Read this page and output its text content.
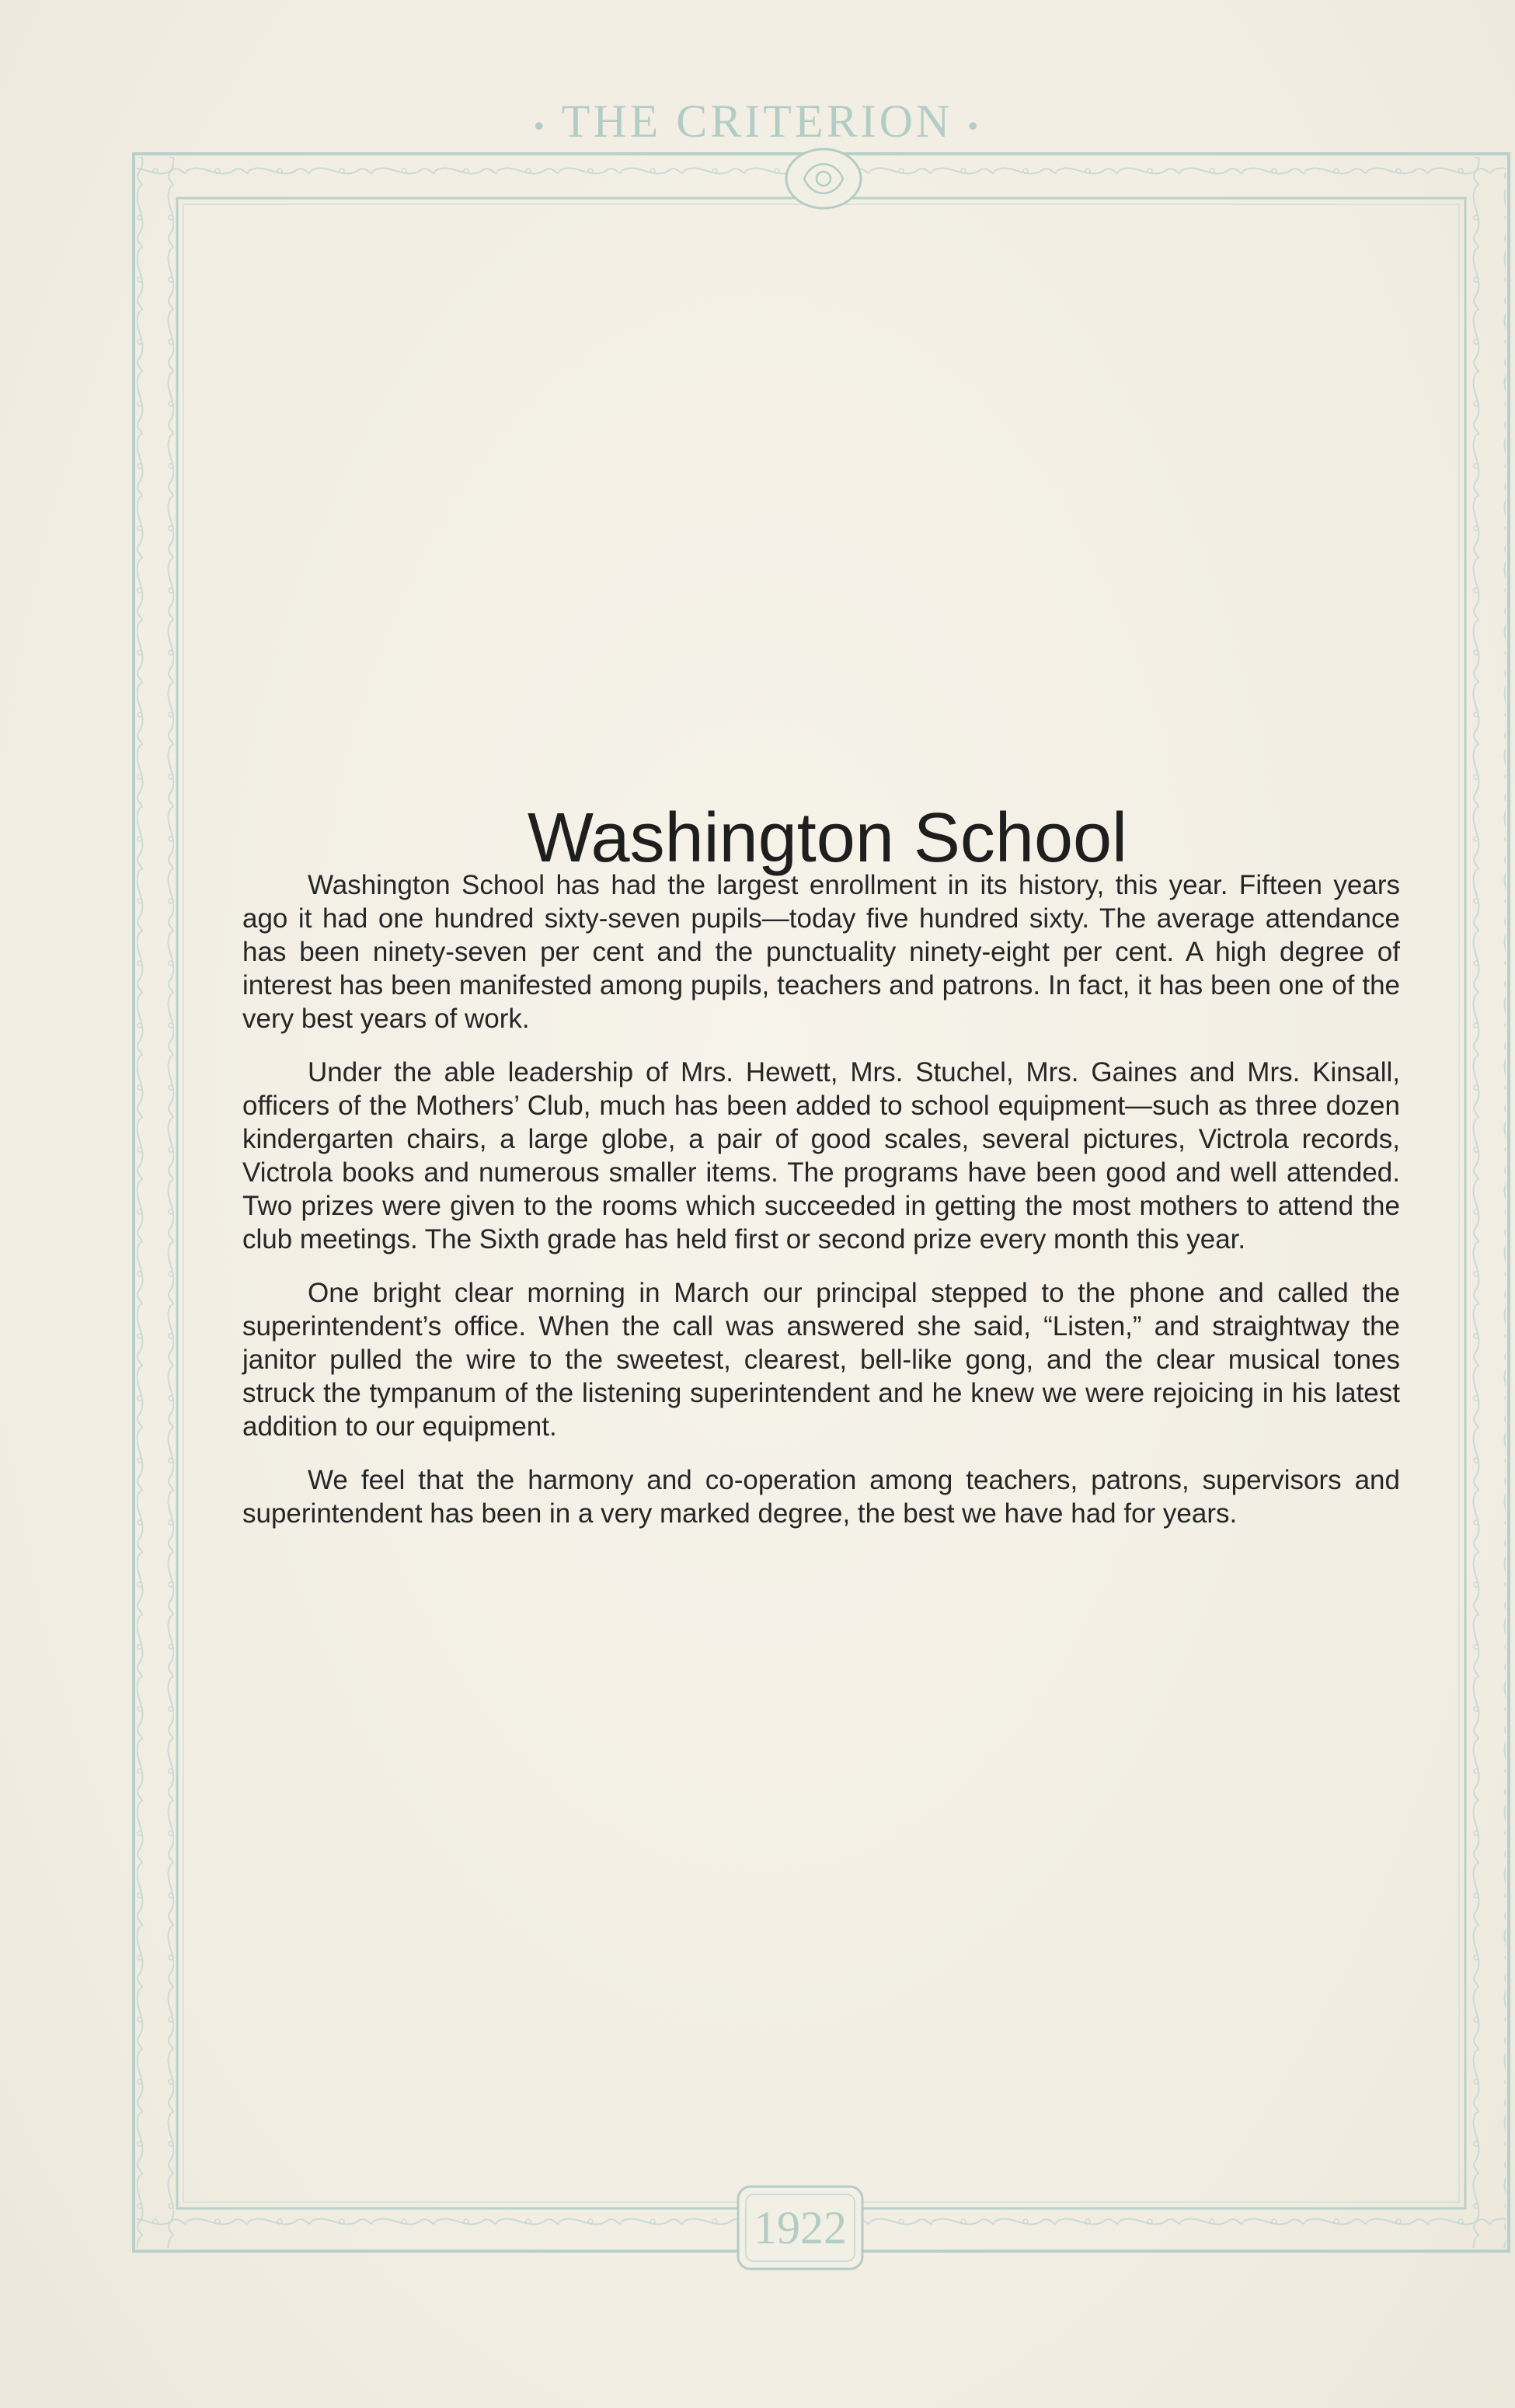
• THE CRITERION •
Washington School

Washington School has had the largest enrollment in its history, this year. Fifteen years ago it had one hundred sixty-seven pupils—today five hundred sixty. The average attendance has been ninety-seven per cent and the punctuality ninety-eight per cent. A high degree of interest has been manifested among pupils, teachers and patrons. In fact, it has been one of the very best years of work.

Under the able leadership of Mrs. Hewett, Mrs. Stuchel, Mrs. Gaines and Mrs. Kinsall, officers of the Mothers’ Club, much has been added to school equipment—such as three dozen kindergarten chairs, a large globe, a pair of good scales, several pictures, Victrola records, Victrola books and numerous smaller items. The programs have been good and well attended. Two prizes were given to the rooms which succeeded in getting the most mothers to attend the club meetings. The Sixth grade has held first or second prize every month this year.

One bright clear morning in March our principal stepped to the phone and called the superintendent’s office. When the call was answered she said, “Listen,” and straightway the janitor pulled the wire to the sweetest, clearest, bell-like gong, and the clear musical tones struck the tympanum of the listening superintendent and he knew we were rejoicing in his latest addition to our equipment.

We feel that the harmony and co-operation among teachers, patrons, supervisors and superintendent has been in a very marked degree, the best we have had for years.

1922
